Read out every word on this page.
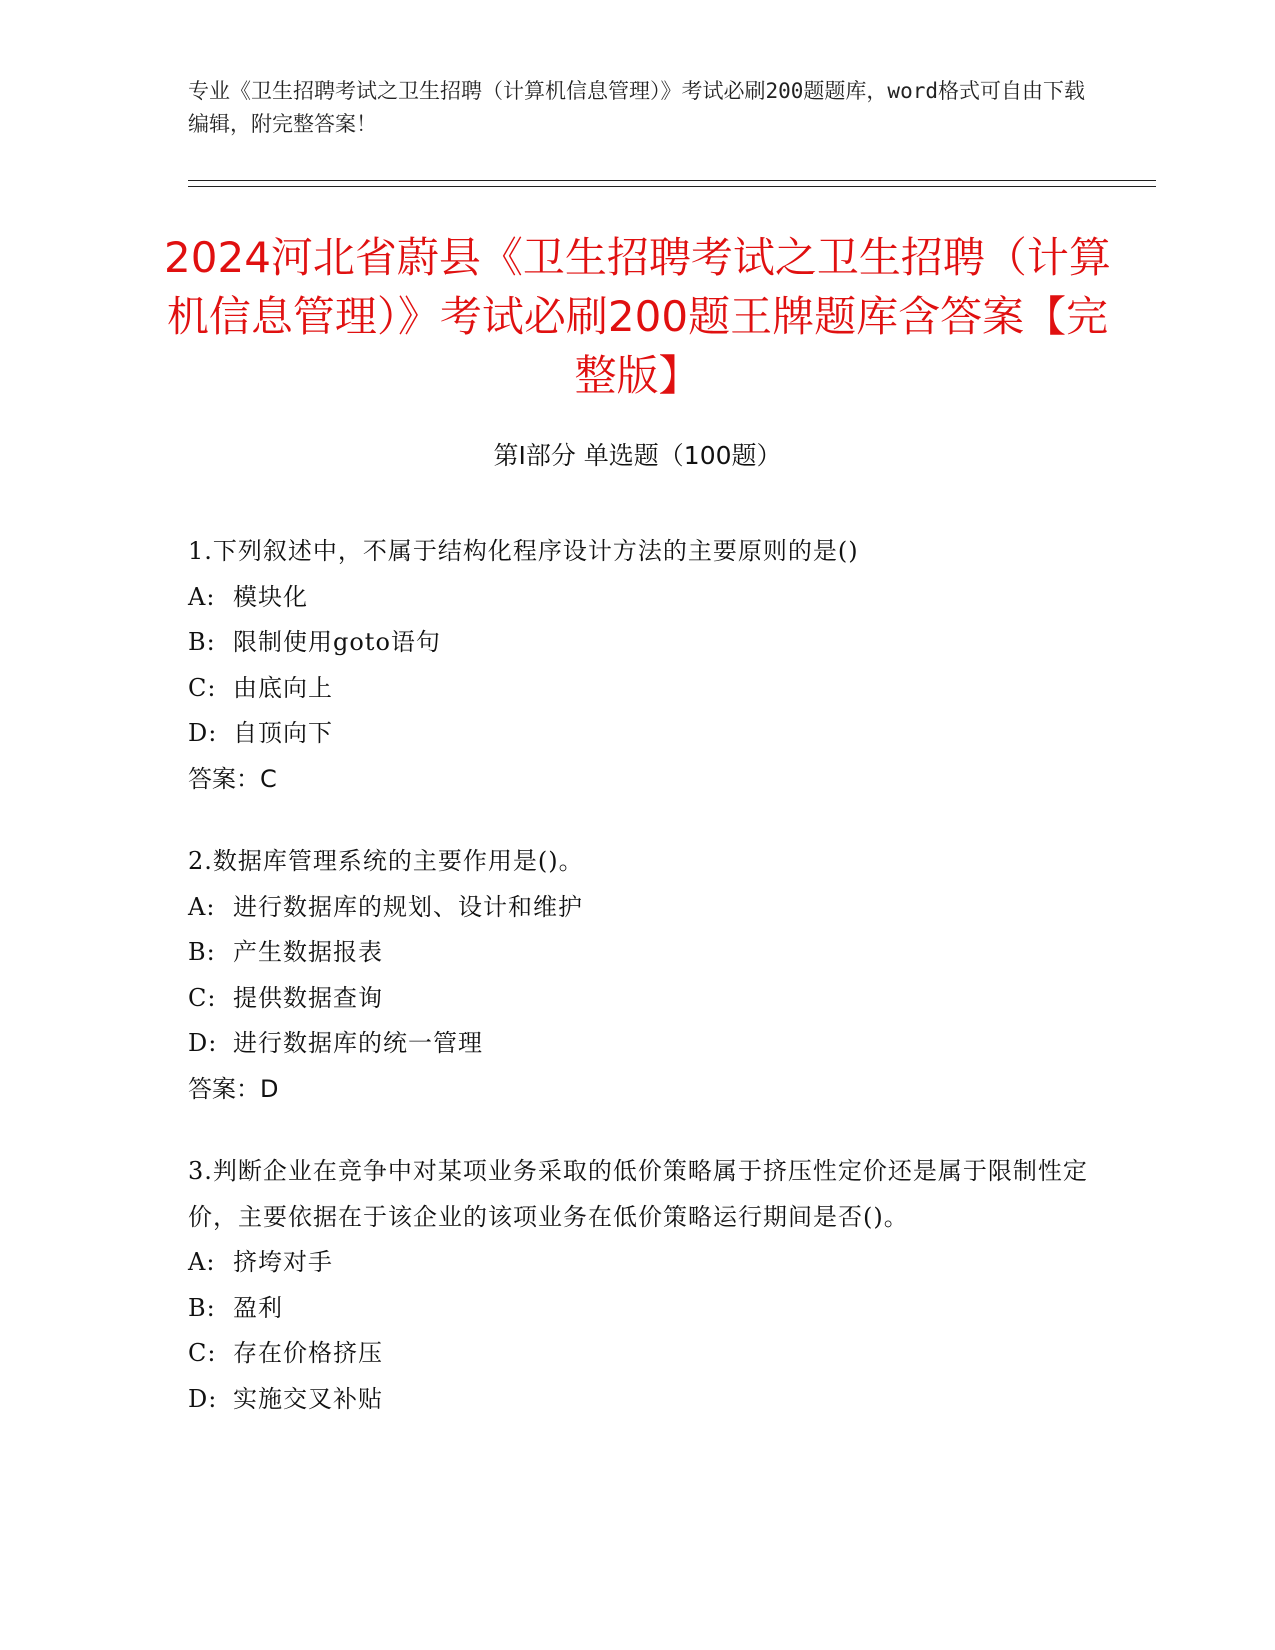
专业《卫生招聘考试之卫生招聘（计算机信息管理）》考试必刷200题题库，word格式可自由下载编辑，附完整答案！
2024河北省蔚县《卫生招聘考试之卫生招聘（计算机信息管理）》考试必刷200题王牌题库含答案【完整版】
第Ⅰ部分 单选题（100题）

1.下列叙述中，不属于结构化程序设计方法的主要原则的是()

A: 模块化

B: 限制使用goto语句

C: 由底向上

D: 自顶向下

答案：C

2.数据库管理系统的主要作用是()。

A: 进行数据库的规划、设计和维护

B: 产生数据报表

C: 提供数据查询

D: 进行数据库的统一管理

答案：D

3.判断企业在竞争中对某项业务采取的低价策略属于挤压性定价还是属于限制性定价，主要依据在于该企业的该项业务在低价策略运行期间是否()。

A: 挤垮对手

B: 盈利

C: 存在价格挤压

D: 实施交叉补贴
